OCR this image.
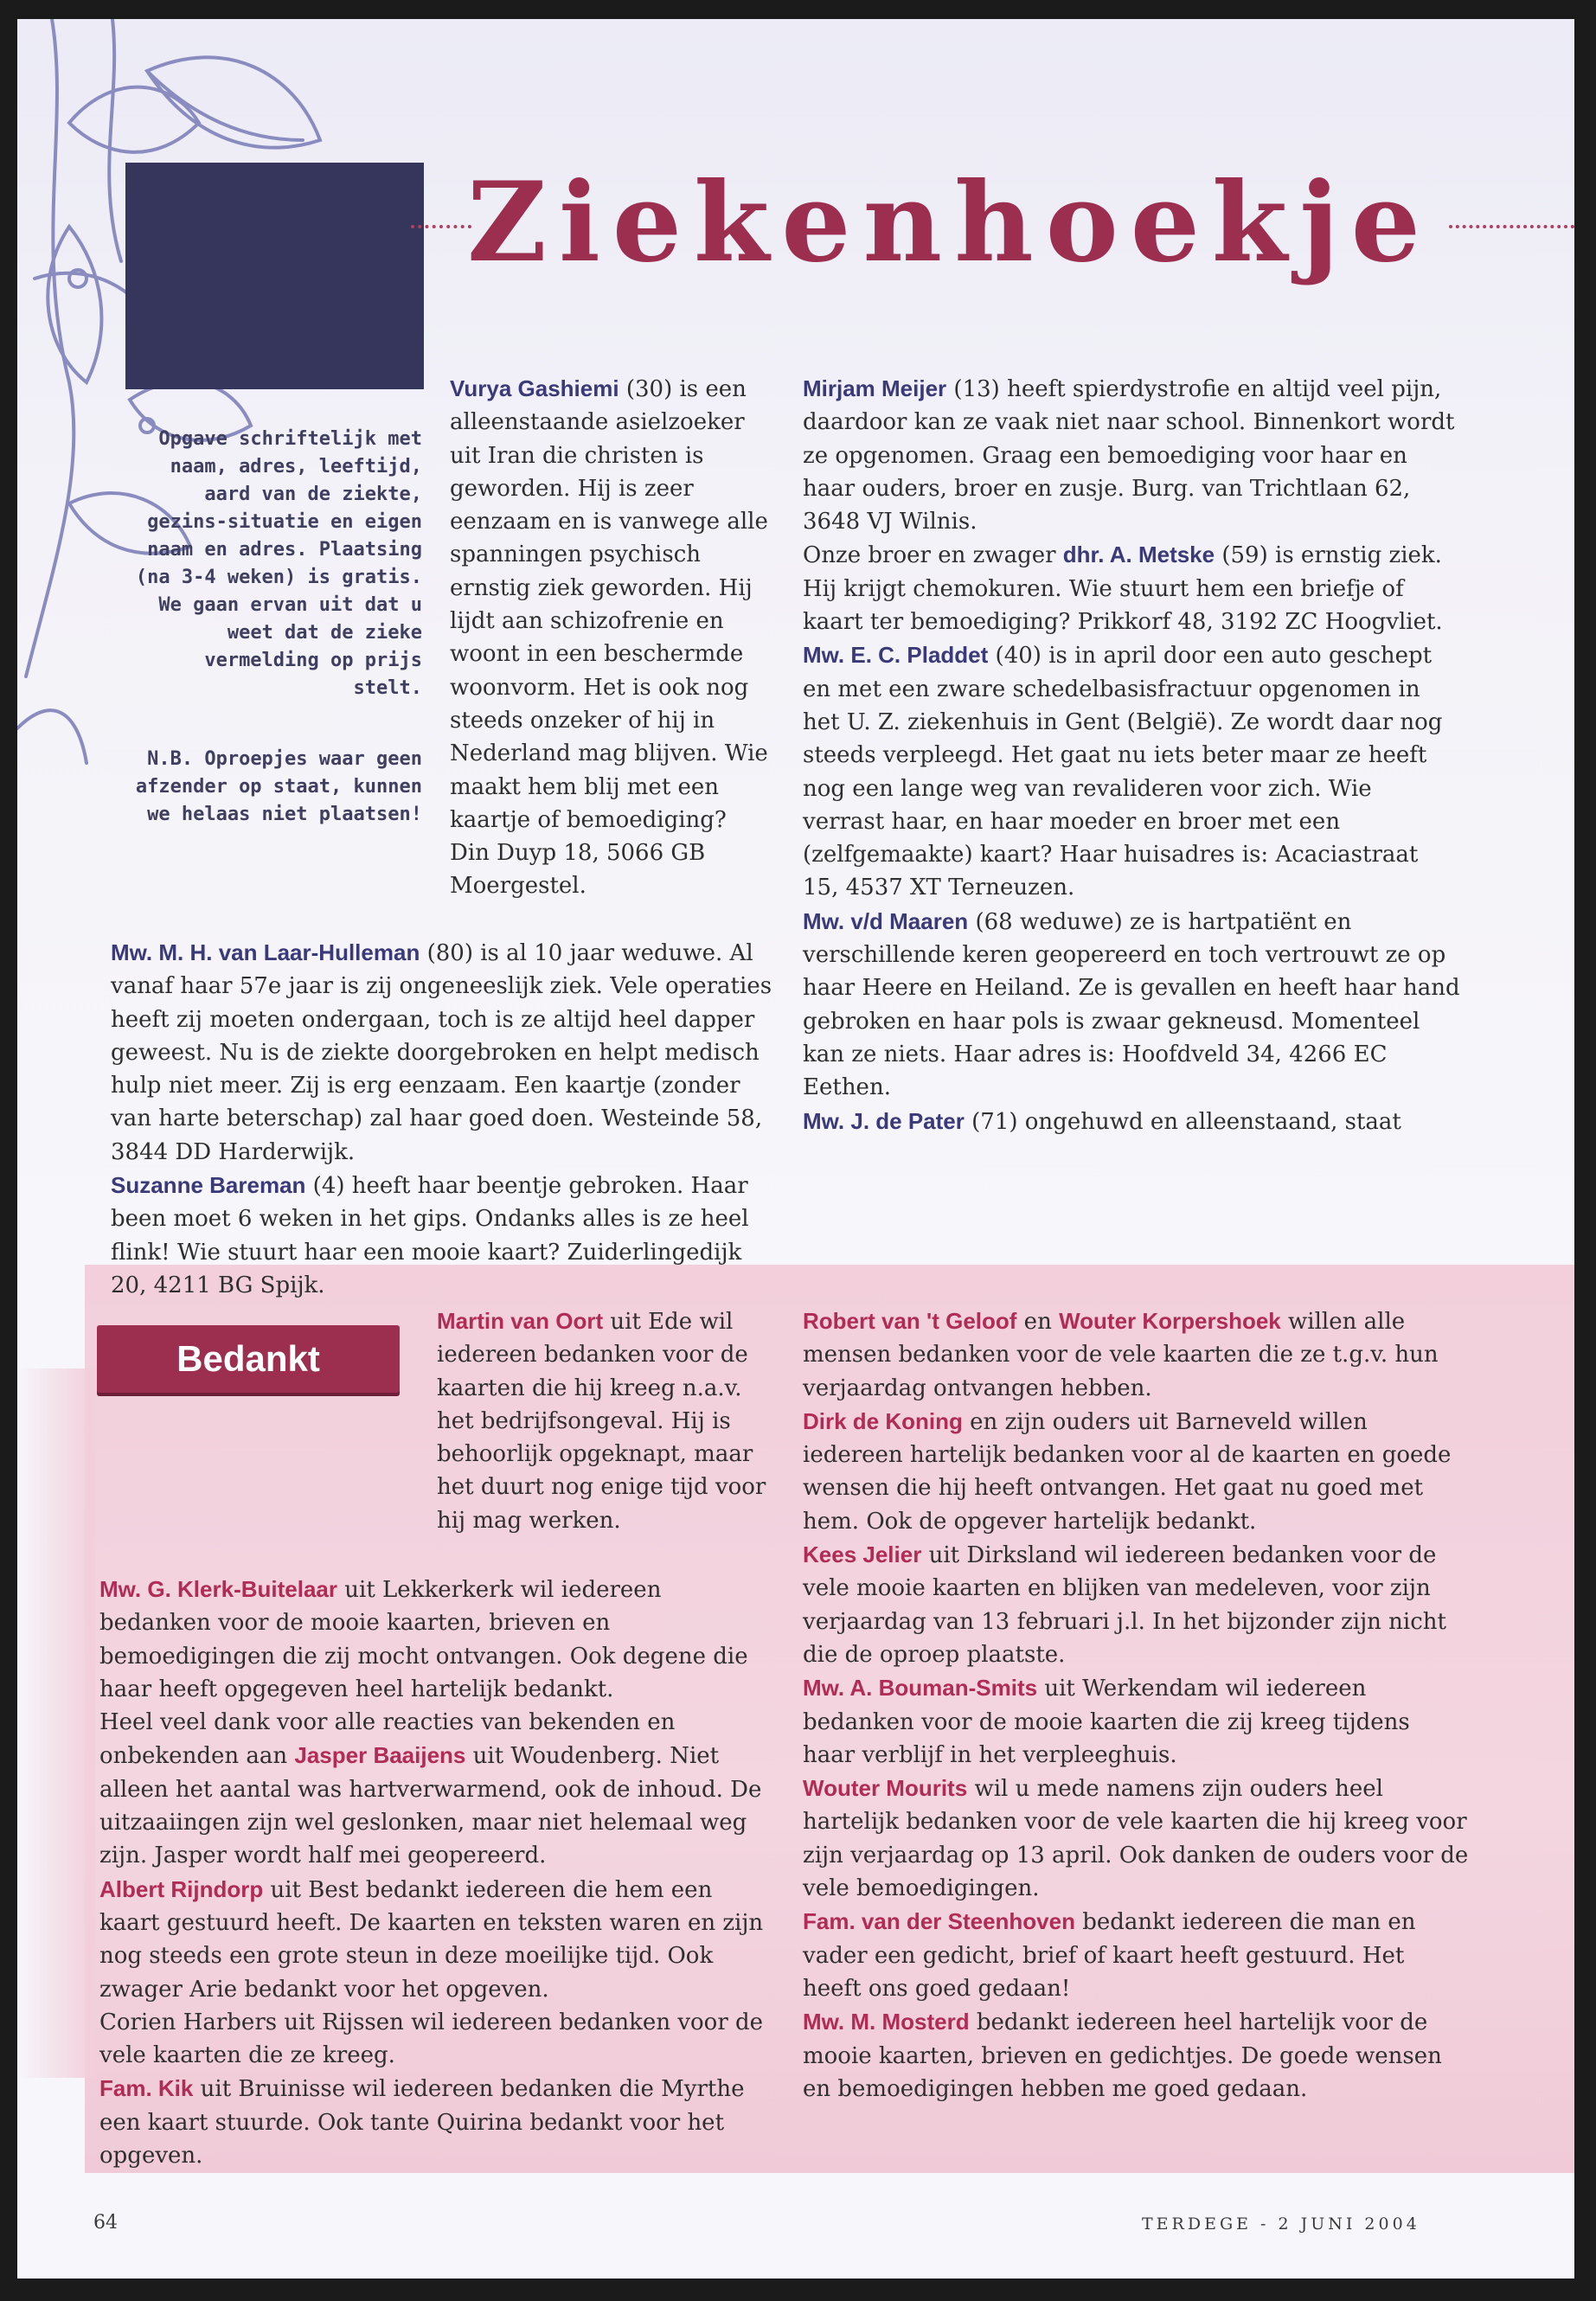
Ziekenhoekje
Opgave schriftelijk met naam, adres, leeftijd, aard van de ziekte, gezins-situatie en eigen naam en adres. Plaatsing (na 3-4 weken) is gratis. We gaan ervan uit dat u weet dat de zieke vermelding op prijs stelt.
N.B. Oproepjes waar geen afzender op staat, kunnen we helaas niet plaatsen!

Vurya Gashiemi (30) is een alleenstaande asielzoeker uit Iran die christen is geworden. Hij is zeer eenzaam en is vanwege alle spanningen psychisch ernstig ziek geworden. Hij lijdt aan schizofrenie en woont in een beschermde woonvorm. Het is ook nog steeds onzeker of hij in Nederland mag blijven. Wie maakt hem blij met een kaartje of bemoediging? Din Duyp 18, 5066 GB Moergestel.

Mw. M. H. van Laar-Hulleman (80) is al 10 jaar weduwe. Al vanaf haar 57e jaar is zij ongeneeslijk ziek. Vele operaties heeft zij moeten ondergaan, toch is ze altijd heel dapper geweest. Nu is de ziekte doorgebroken en helpt medisch hulp niet meer. Zij is erg eenzaam. Een kaartje (zonder van harte beterschap) zal haar goed doen. Westeinde 58, 3844 DD Harderwijk.

Suzanne Bareman (4) heeft haar beentje gebroken. Haar been moet 6 weken in het gips. Ondanks alles is ze heel flink! Wie stuurt haar een mooie kaart? Zuiderlingedijk 20, 4211 BG Spijk.

Mirjam Meijer (13) heeft spierdystrofie en altijd veel pijn, daardoor kan ze vaak niet naar school. Binnenkort wordt ze opgenomen. Graag een bemoediging voor haar en haar ouders, broer en zusje. Burg. van Trichtlaan 62, 3648 VJ Wilnis.

Onze broer en zwager dhr. A. Metske (59) is ernstig ziek. Hij krijgt chemokuren. Wie stuurt hem een briefje of kaart ter bemoediging? Prikkorf 48, 3192 ZC Hoogvliet.

Mw. E. C. Pladdet (40) is in april door een auto geschept en met een zware schedelbasisfractuur opgenomen in het U. Z. ziekenhuis in Gent (België). Ze wordt daar nog steeds verpleegd. Het gaat nu iets beter maar ze heeft nog een lange weg van revalideren voor zich. Wie verrast haar, en haar moeder en broer met een (zelfgemaakte) kaart? Haar huisadres is: Acaciastraat 15, 4537 XT Terneuzen.

Mw. v/d Maaren (68 weduwe) ze is hartpatiënt en verschillende keren geopereerd en toch vertrouwt ze op haar Heere en Heiland. Ze is gevallen en heeft haar hand gebroken en haar pols is zwaar gekneusd. Momenteel kan ze niets. Haar adres is: Hoofdveld 34, 4266 EC Eethen.

Mw. J. de Pater (71) ongehuwd en alleenstaand, staat

Bedankt

Martin van Oort uit Ede wil iedereen bedanken voor de kaarten die hij kreeg n.a.v. het bedrijfsongeval. Hij is behoorlijk opgeknapt, maar het duurt nog enige tijd voor hij mag werken.

Mw. G. Klerk-Buitelaar uit Lekkerkerk wil iedereen bedanken voor de mooie kaarten, brieven en bemoedigingen die zij mocht ontvangen. Ook degene die haar heeft opgegeven heel hartelijk bedankt.

Heel veel dank voor alle reacties van bekenden en onbekenden aan Jasper Baaijens uit Woudenberg. Niet alleen het aantal was hartverwarmend, ook de inhoud. De uitzaaiingen zijn wel geslonken, maar niet helemaal weg zijn. Jasper wordt half mei geopereerd.

Albert Rijndorp uit Best bedankt iedereen die hem een kaart gestuurd heeft. De kaarten en teksten waren en zijn nog steeds een grote steun in deze moeilijke tijd. Ook zwager Arie bedankt voor het opgeven.

Corien Harbers uit Rijssen wil iedereen bedanken voor de vele kaarten die ze kreeg.

Fam. Kik uit Bruinisse wil iedereen bedanken die Myrthe een kaart stuurde. Ook tante Quirina bedankt voor het opgeven.

Robert van 't Geloof en Wouter Korpershoek willen alle mensen bedanken voor de vele kaarten die ze t.g.v. hun verjaardag ontvangen hebben.

Dirk de Koning en zijn ouders uit Barneveld willen iedereen hartelijk bedanken voor al de kaarten en goede wensen die hij heeft ontvangen. Het gaat nu goed met hem. Ook de opgever hartelijk bedankt.

Kees Jelier uit Dirksland wil iedereen bedanken voor de vele mooie kaarten en blijken van medeleven, voor zijn verjaardag van 13 februari j.l. In het bijzonder zijn nicht die de oproep plaatste.

Mw. A. Bouman-Smits uit Werkendam wil iedereen bedanken voor de mooie kaarten die zij kreeg tijdens haar verblijf in het verpleeghuis.

Wouter Mourits wil u mede namens zijn ouders heel hartelijk bedanken voor de vele kaarten die hij kreeg voor zijn verjaardag op 13 april. Ook danken de ouders voor de vele bemoedigingen.

Fam. van der Steenhoven bedankt iedereen die man en vader een gedicht, brief of kaart heeft gestuurd. Het heeft ons goed gedaan!

Mw. M. Mosterd bedankt iedereen heel hartelijk voor de mooie kaarten, brieven en gedichtjes. De goede wensen en bemoedigingen hebben me goed gedaan.

64	TERDEGE - 2 JUNI 2004
